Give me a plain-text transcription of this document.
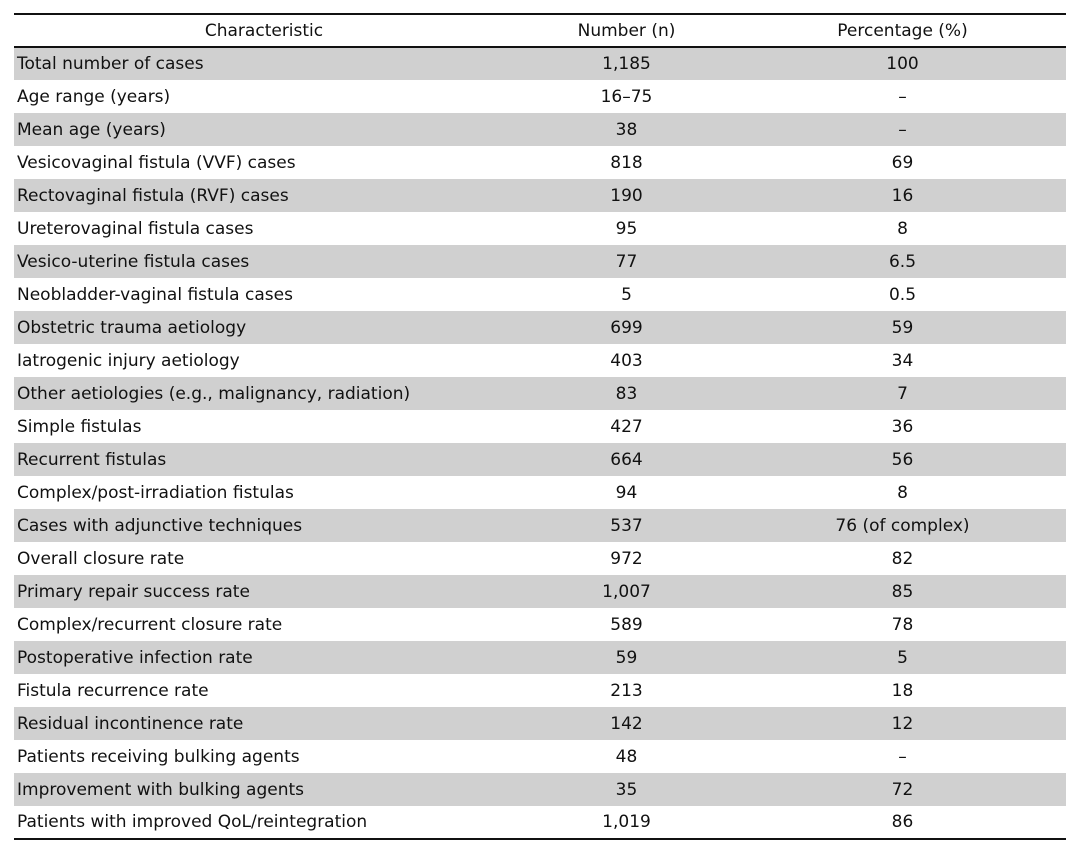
Characteristic	Number (n)	Percentage (%)
Total number of cases	1,185	100
Age range (years)	16–75	–
Mean age (years)	38	–
Vesicovaginal fistula (VVF) cases	818	69
Rectovaginal fistula (RVF) cases	190	16
Ureterovaginal fistula cases	95	8
Vesico-uterine fistula cases	77	6.5
Neobladder-vaginal fistula cases	5	0.5
Obstetric trauma aetiology	699	59
Iatrogenic injury aetiology	403	34
Other aetiologies (e.g., malignancy, radiation)	83	7
Simple fistulas	427	36
Recurrent fistulas	664	56
Complex/post-irradiation fistulas	94	8
Cases with adjunctive techniques	537	76 (of complex)
Overall closure rate	972	82
Primary repair success rate	1,007	85
Complex/recurrent closure rate	589	78
Postoperative infection rate	59	5
Fistula recurrence rate	213	18
Residual incontinence rate	142	12
Patients receiving bulking agents	48	–
Improvement with bulking agents	35	72
Patients with improved QoL/reintegration	1,019	86
